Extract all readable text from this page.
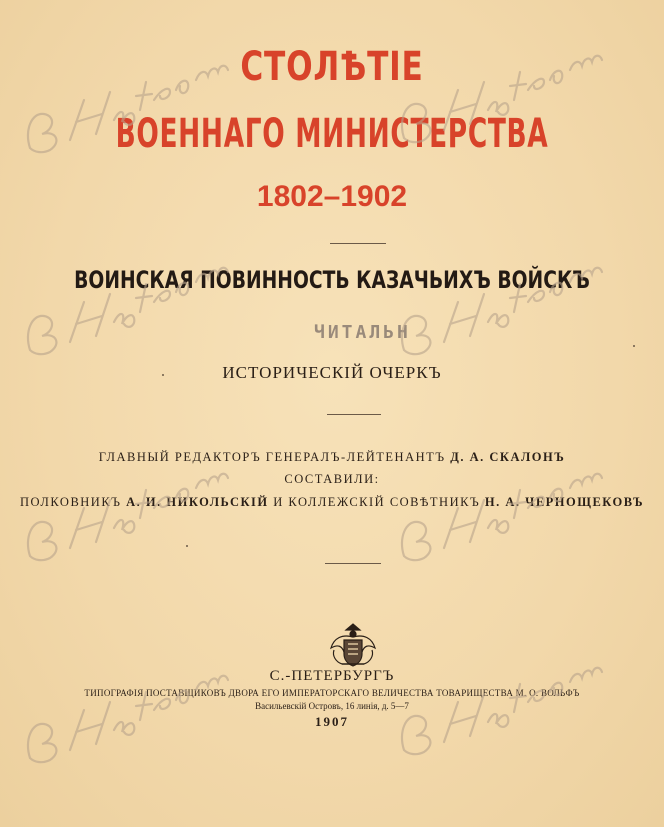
СТОЛѢТІЕ
ВОЕННАГО МИНИСТЕРСТВА
1802–1902
ВОИНСКАЯ ПОВИННОСТЬ КАЗАЧЬИХЪ ВОЙСКЪ
ЧИТАЛЬН
ИСТОРИЧЕСКІЙ ОЧЕРКЪ
ГЛАВНЫЙ РЕДАКТОРЪ ГЕНЕРАЛЪ-ЛЕЙТЕНАНТЪ Д. А. СКАЛОНЪ
СОСТАВИЛИ:
ПОЛКОВНИКЪ А. И. НИКОЛЬСКІЙ И КОЛЛЕЖСКІЙ СОВѢТНИКЪ Н. А. ЧЕРНОЩЕКОВЪ
С.-ПЕТЕРБУРГЪ
ТИПОГРАФІЯ ПОСТАВЩИКОВЪ ДВОРА ЕГО ИМПЕРАТОРСКАГО ВЕЛИЧЕСТВА ТОВАРИЩЕСТВА М. О. ВОЛЬФЪ
Васильевскій Островъ, 16 линія, д. 5—7
1907
